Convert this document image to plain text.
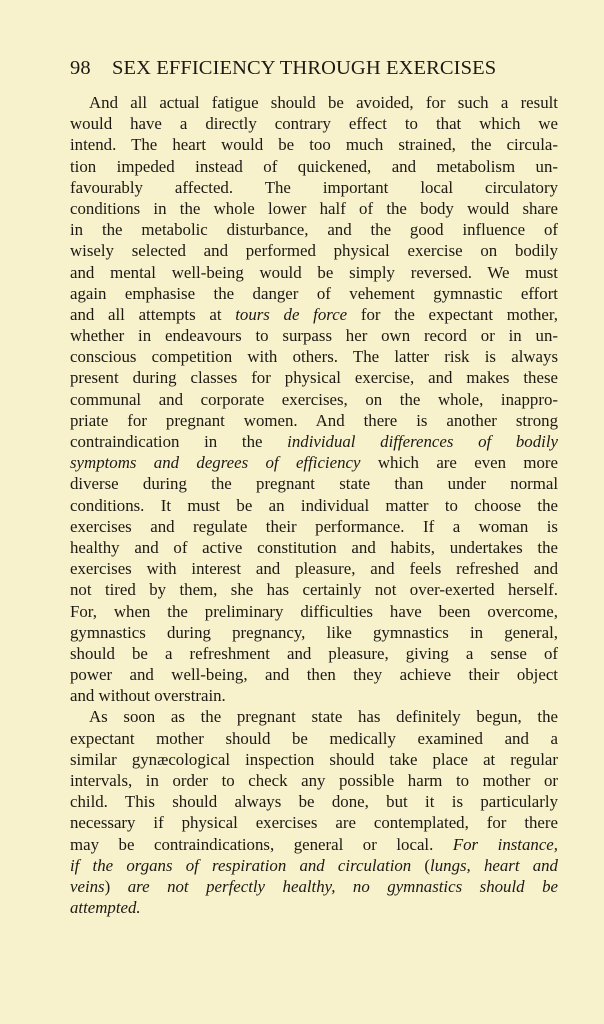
98 SEX EFFICIENCY THROUGH EXERCISES
And all actual fatigue should be avoided, for such a result
would have a directly contrary effect to that which we
intend. The heart would be too much strained, the circula-
tion impeded instead of quickened, and metabolism un-
favourably affected. The important local circulatory
conditions in the whole lower half of the body would share
in the metabolic disturbance, and the good influence of
wisely selected and performed physical exercise on bodily
and mental well-being would be simply reversed. We must
again emphasise the danger of vehement gymnastic effort
and all attempts at tours de force for the expectant mother,
whether in endeavours to surpass her own record or in un-
conscious competition with others. The latter risk is always
present during classes for physical exercise, and makes these
communal and corporate exercises, on the whole, inappro-
priate for pregnant women. And there is another strong
contraindication in the individual differences of bodily
symptoms and degrees of efficiency which are even more
diverse during the pregnant state than under normal
conditions. It must be an individual matter to choose the
exercises and regulate their performance. If a woman is
healthy and of active constitution and habits, undertakes the
exercises with interest and pleasure, and feels refreshed and
not tired by them, she has certainly not over-exerted herself.
For, when the preliminary difficulties have been overcome,
gymnastics during pregnancy, like gymnastics in general,
should be a refreshment and pleasure, giving a sense of
power and well-being, and then they achieve their object
and without overstrain.
As soon as the pregnant state has definitely begun, the
expectant mother should be medically examined and a
similar gynæcological inspection should take place at regular
intervals, in order to check any possible harm to mother or
child. This should always be done, but it is particularly
necessary if physical exercises are contemplated, for there
may be contraindications, general or local. For instance,
if the organs of respiration and circulation (lungs, heart and
veins) are not perfectly healthy, no gymnastics should be
attempted.
